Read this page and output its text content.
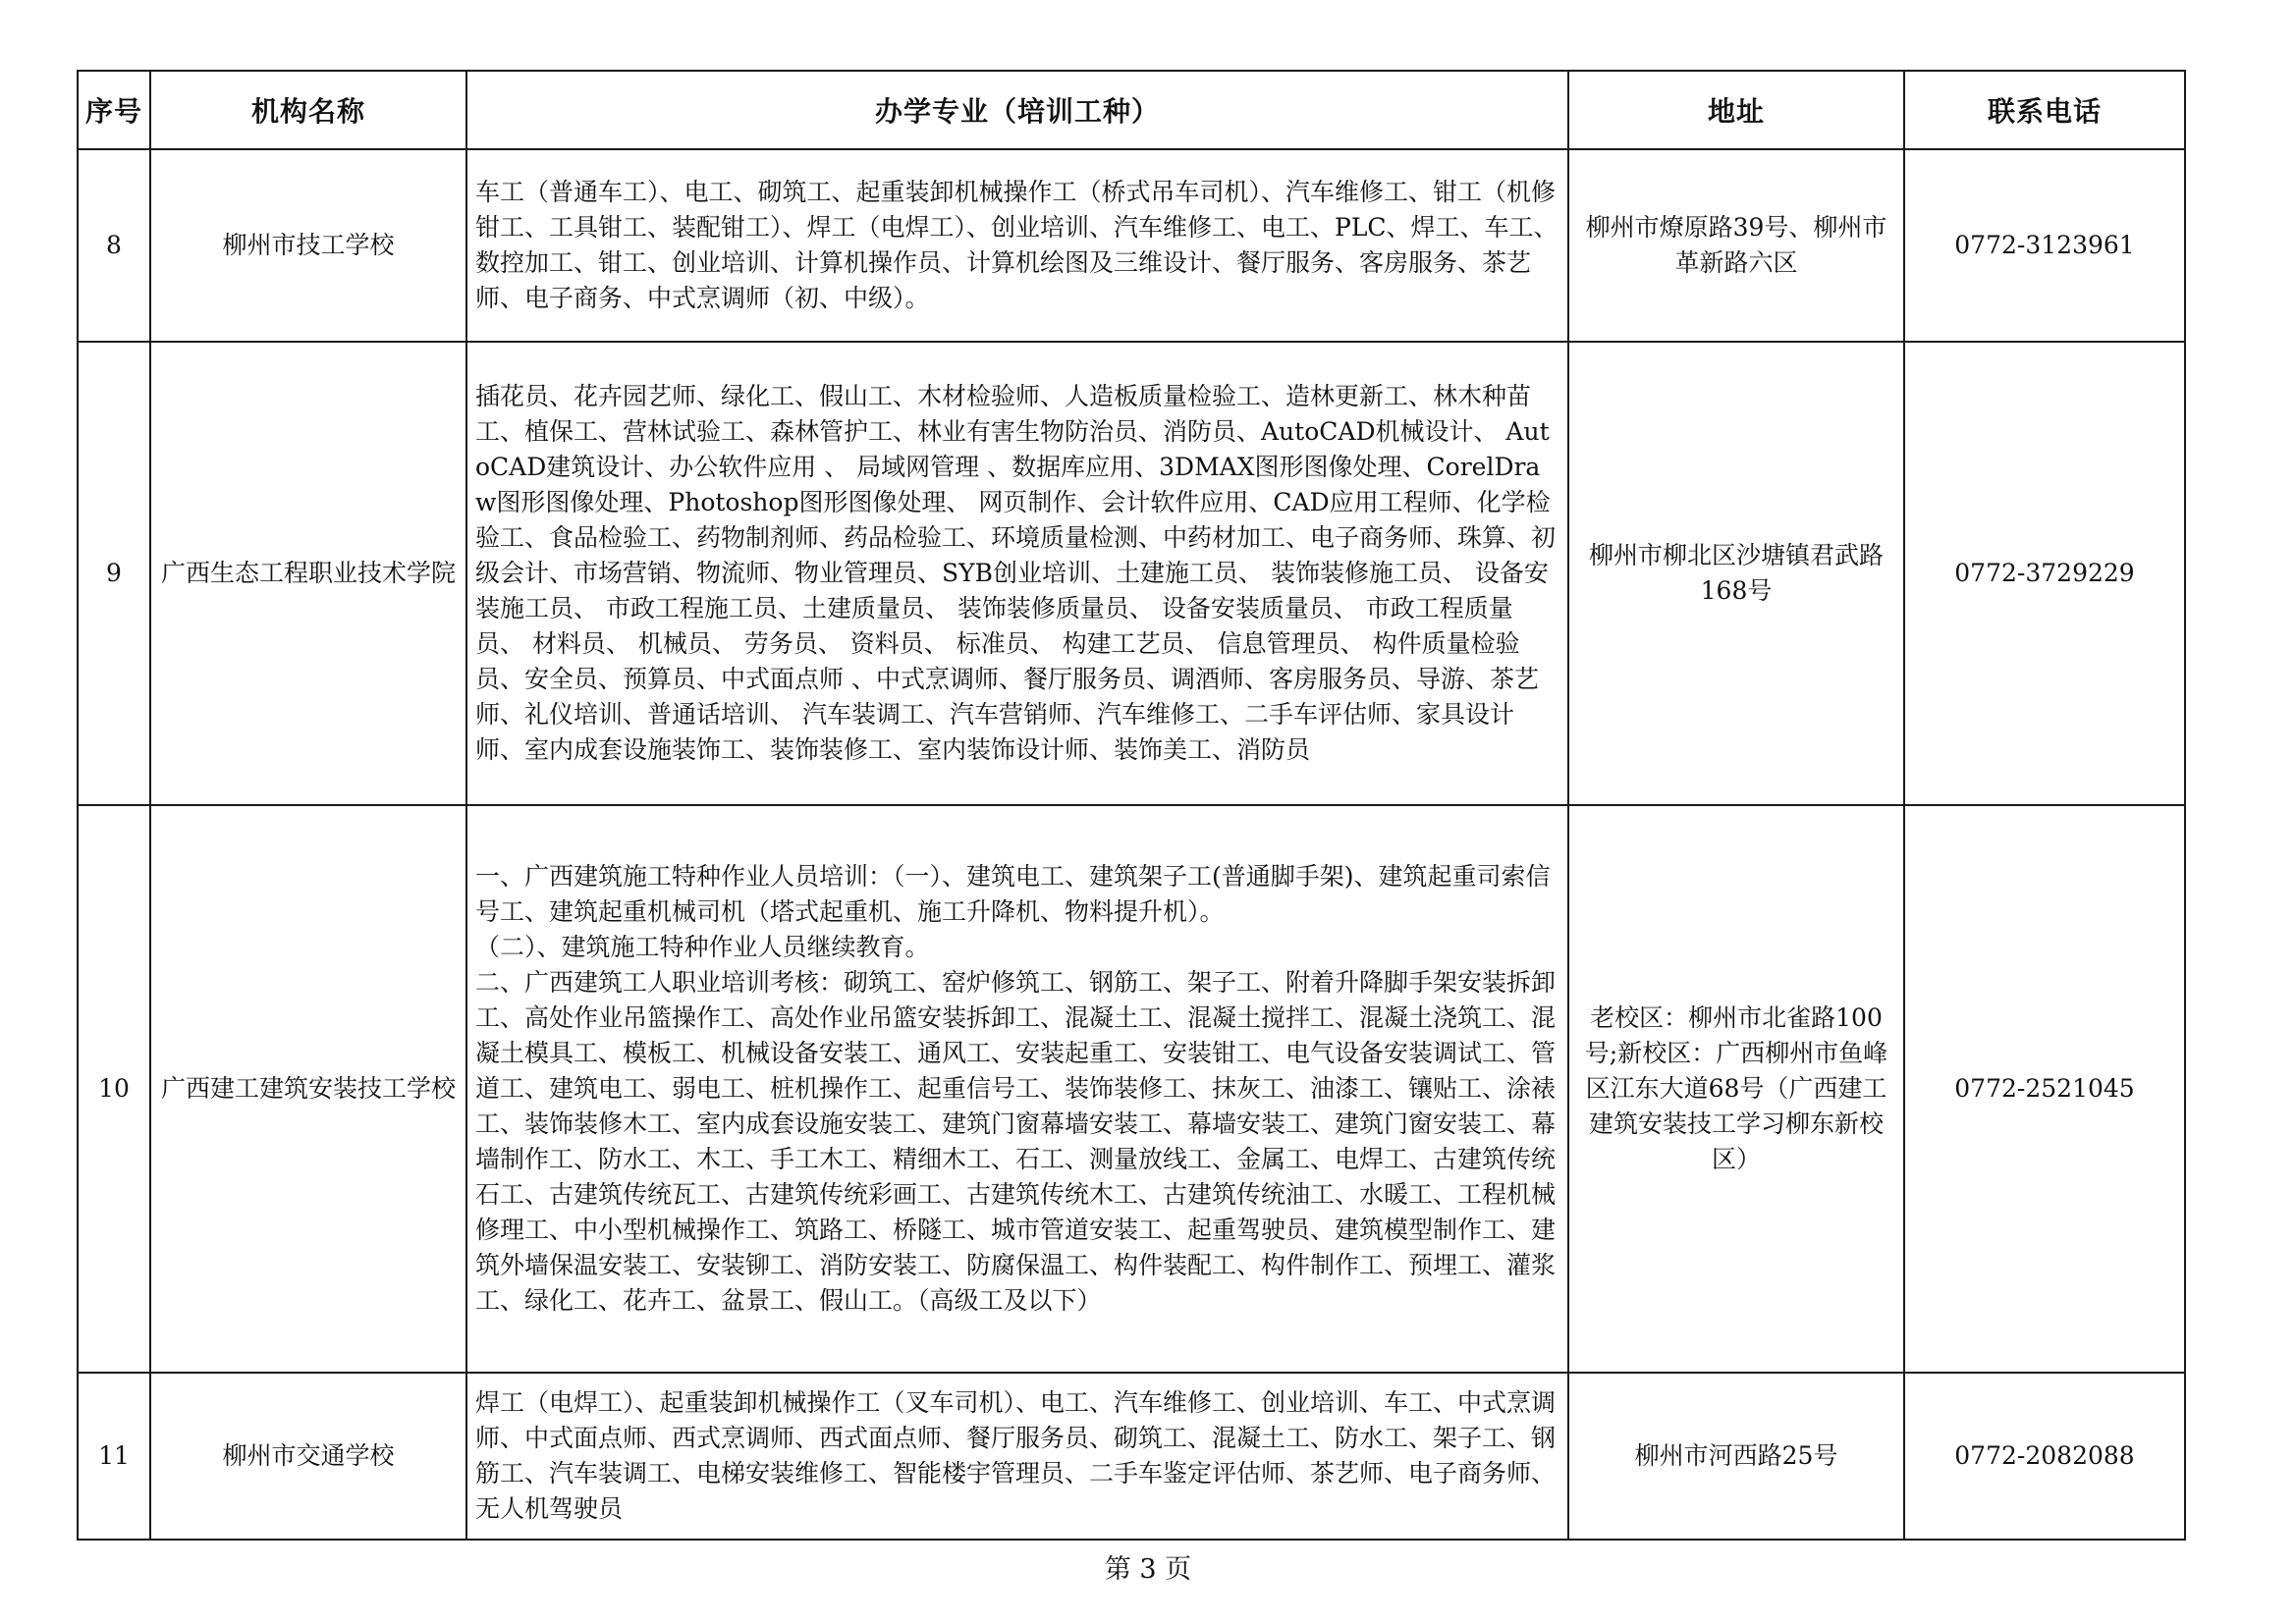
序号	机构名称	办学专业（培训工种）	地址	联系电话
8	柳州市技工学校	车工（普通车工）、电工、砌筑工、起重装卸机械操作工（桥式吊车司机）、汽车维修工、钳工（机修钳工、工具钳工、装配钳工）、焊工（电焊工）、创业培训、汽车维修工、电工、PLC、焊工、车工、数控加工、钳工、创业培训、计算机操作员、计算机绘图及三维设计、餐厅服务、客房服务、茶艺师、电子商务、中式烹调师（初、中级）。	柳州市燎原路39号、柳州市革新路六区	0772-3123961
9	广西生态工程职业技术学院	插花员、花卉园艺师、绿化工、假山工、木材检验师、人造板质量检验工、造林更新工、林木种苗工、植保工、营林试验工、森林管护工、林业有害生物防治员、消防员、AutoCAD机械设计、 AutoCAD建筑设计、办公软件应用 、 局域网管理 、数据库应用、3DMAX图形图像处理、CorelDraw图形图像处理、Photoshop图形图像处理、 网页制作、会计软件应用、CAD应用工程师、化学检验工、食品检验工、药物制剂师、药品检验工、环境质量检测、中药材加工、电子商务师、珠算、初级会计、市场营销、物流师、物业管理员、SYB创业培训、土建施工员、 装饰装修施工员、 设备安装施工员、 市政工程施工员、土建质量员、 装饰装修质量员、 设备安装质量员、 市政工程质量员、 材料员、 机械员、 劳务员、 资料员、 标准员、 构建工艺员、 信息管理员、 构件质量检验员、安全员、预算员、中式面点师 、中式烹调师、餐厅服务员、调酒师、客房服务员、导游、茶艺师、礼仪培训、普通话培训、 汽车装调工、汽车营销师、汽车维修工、二手车评估师、家具设计师、室内成套设施装饰工、装饰装修工、室内装饰设计师、装饰美工、消防员	柳州市柳北区沙塘镇君武路168号	0772-3729229
10	广西建工建筑安装技工学校	一、广西建筑施工特种作业人员培训：（一）、建筑电工、建筑架子工(普通脚手架)、建筑起重司索信号工、建筑起重机械司机（塔式起重机、施工升降机、物料提升机）。
（二）、建筑施工特种作业人员继续教育。
二、广西建筑工人职业培训考核：砌筑工、窑炉修筑工、钢筋工、架子工、附着升降脚手架安装拆卸工、高处作业吊篮操作工、高处作业吊篮安装拆卸工、混凝土工、混凝土搅拌工、混凝土浇筑工、混凝土模具工、模板工、机械设备安装工、通风工、安装起重工、安装钳工、电气设备安装调试工、管道工、建筑电工、弱电工、桩机操作工、起重信号工、装饰装修工、抹灰工、油漆工、镶贴工、涂裱工、装饰装修木工、室内成套设施安装工、建筑门窗幕墙安装工、幕墙安装工、建筑门窗安装工、幕墙制作工、防水工、木工、手工木工、精细木工、石工、测量放线工、金属工、电焊工、古建筑传统石工、古建筑传统瓦工、古建筑传统彩画工、古建筑传统木工、古建筑传统油工、水暖工、工程机械修理工、中小型机械操作工、筑路工、桥隧工、城市管道安装工、起重驾驶员、建筑模型制作工、建筑外墙保温安装工、安装铆工、消防安装工、防腐保温工、构件装配工、构件制作工、预埋工、灌浆工、绿化工、花卉工、盆景工、假山工。（高级工及以下）	老校区：柳州市北雀路100号;新校区：广西柳州市鱼峰区江东大道68号（广西建工建筑安装技工学习柳东新校区）	0772-2521045
11	柳州市交通学校	焊工（电焊工）、起重装卸机械操作工（叉车司机）、电工、汽车维修工、创业培训、车工、中式烹调师、中式面点师、西式烹调师、西式面点师、餐厅服务员、砌筑工、混凝土工、防水工、架子工、钢筋工、汽车装调工、电梯安装维修工、智能楼宇管理员、二手车鉴定评估师、茶艺师、电子商务师、无人机驾驶员	柳州市河西路25号	0772-2082088
第 3 页
